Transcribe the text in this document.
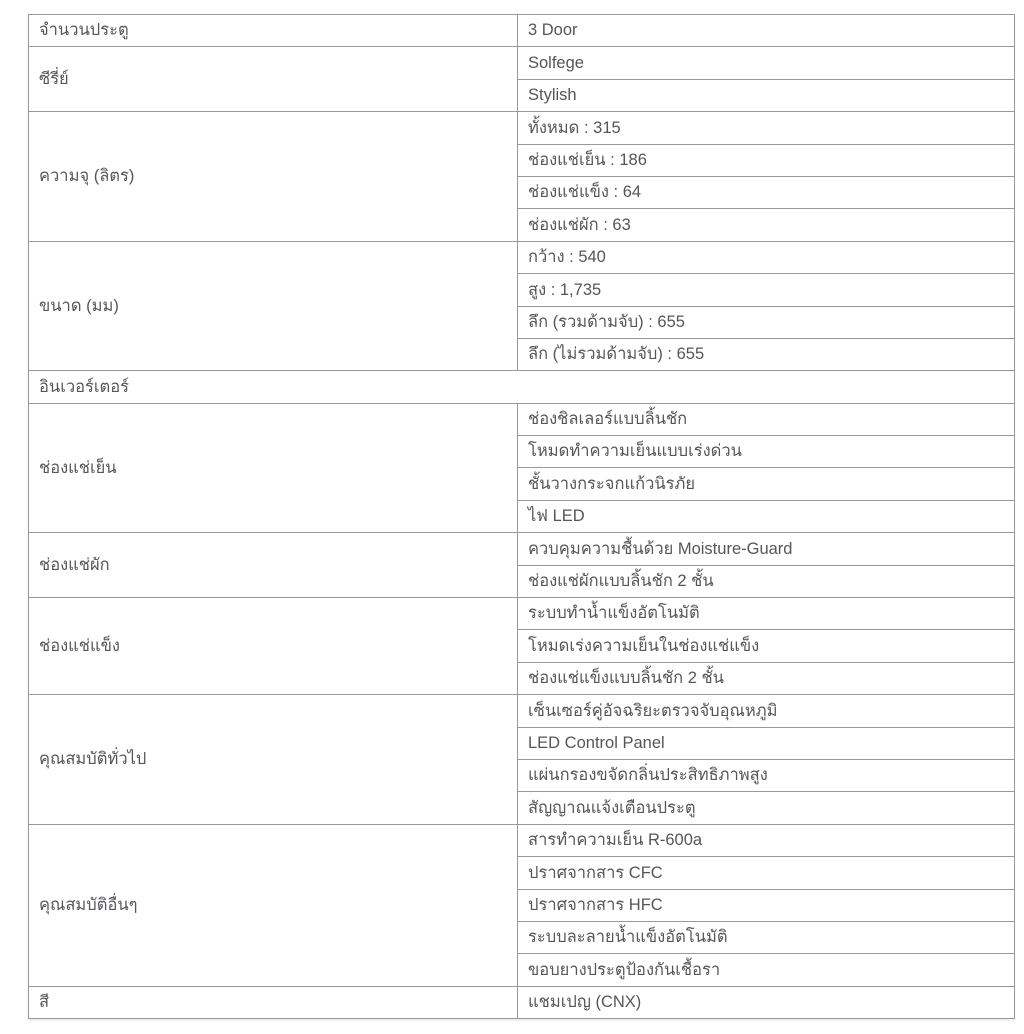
จำนวนประตู	3 Door
ซีรี่ย์	Solfege
	Stylish
ความจุ (ลิตร)	ทั้งหมด : 315
	ช่องแช่เย็น : 186
	ช่องแช่แข็ง : 64
	ช่องแช่ผัก : 63
ขนาด (มม)	กว้าง : 540
	สูง : 1,735
	ลึก (รวมด้ามจับ) : 655
	ลึก (ไม่รวมด้ามจับ) : 655
อินเวอร์เตอร์	
ช่องแช่เย็น	ช่องชิลเลอร์แบบลิ้นชัก
	โหมดทำความเย็นแบบเร่งด่วน
	ชั้นวางกระจกแก้วนิรภัย
	ไฟ LED
ช่องแช่ผัก	ควบคุมความชื้นด้วย Moisture-Guard
	ช่องแช่ผักแบบลิ้นชัก 2 ชั้น
ช่องแช่แข็ง	ระบบทำน้ำแข็งอัตโนมัติ
	โหมดเร่งความเย็นในช่องแช่แข็ง
	ช่องแช่แข็งแบบลิ้นชัก 2 ชั้น
คุณสมบัติทั่วไป	เซ็นเซอร์คู่อัจฉริยะตรวจจับอุณหภูมิ
	LED Control Panel
	แผ่นกรองขจัดกลิ่นประสิทธิภาพสูง
	สัญญาณแจ้งเตือนประตู
คุณสมบัติอื่นๆ	สารทำความเย็น R-600a
	ปราศจากสาร CFC
	ปราศจากสาร HFC
	ระบบละลายน้ำแข็งอัตโนมัติ
	ขอบยางประตูป้องกันเชื้อรา
สี	แชมเปญ (CNX)
